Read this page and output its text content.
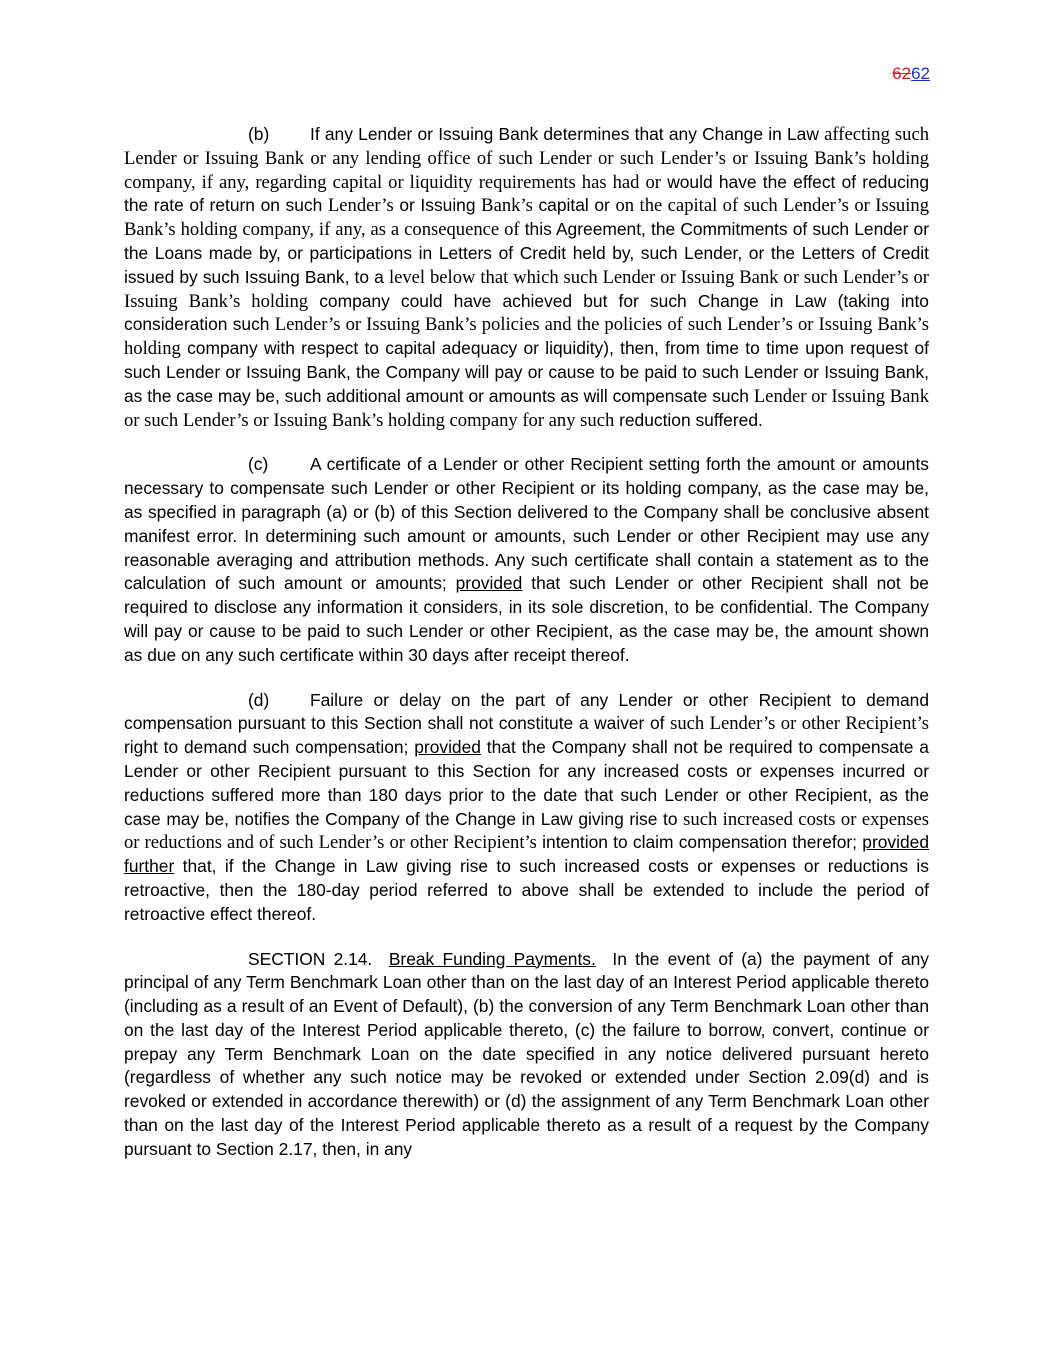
6262

(b) If any Lender or Issuing Bank determines that any Change in Law affecting such Lender or Issuing Bank or any lending office of such Lender or such Lender’s or Issuing Bank’s holding company, if any, regarding capital or liquidity requirements has had or would have the effect of reducing the rate of return on such Lender’s or Issuing Bank’s capital or on the capital of such Lender’s or Issuing Bank’s holding company, if any, as a consequence of this Agreement, the Commitments of such Lender or the Loans made by, or participations in Letters of Credit held by, such Lender, or the Letters of Credit issued by such Issuing Bank, to a level below that which such Lender or Issuing Bank or such Lender’s or Issuing Bank’s holding company could have achieved but for such Change in Law (taking into consideration such Lender’s or Issuing Bank’s policies and the policies of such Lender’s or Issuing Bank’s holding company with respect to capital adequacy or liquidity), then, from time to time upon request of such Lender or Issuing Bank, the Company will pay or cause to be paid to such Lender or Issuing Bank, as the case may be, such additional amount or amounts as will compensate such Lender or Issuing Bank or such Lender’s or Issuing Bank’s holding company for any such reduction suffered.

(c) A certificate of a Lender or other Recipient setting forth the amount or amounts necessary to compensate such Lender or other Recipient or its holding company, as the case may be, as specified in paragraph (a) or (b) of this Section delivered to the Company shall be conclusive absent manifest error. In determining such amount or amounts, such Lender or other Recipient may use any reasonable averaging and attribution methods. Any such certificate shall contain a statement as to the calculation of such amount or amounts; provided that such Lender or other Recipient shall not be required to disclose any information it considers, in its sole discretion, to be confidential. The Company will pay or cause to be paid to such Lender or other Recipient, as the case may be, the amount shown as due on any such certificate within 30 days after receipt thereof.

(d) Failure or delay on the part of any Lender or other Recipient to demand compensation pursuant to this Section shall not constitute a waiver of such Lender’s or other Recipient’s right to demand such compensation; provided that the Company shall not be required to compensate a Lender or other Recipient pursuant to this Section for any increased costs or expenses incurred or reductions suffered more than 180 days prior to the date that such Lender or other Recipient, as the case may be, notifies the Company of the Change in Law giving rise to such increased costs or expenses or reductions and of such Lender’s or other Recipient’s intention to claim compensation therefor; provided further that, if the Change in Law giving rise to such increased costs or expenses or reductions is retroactive, then the 180-day period referred to above shall be extended to include the period of retroactive effect thereof.

SECTION 2.14. Break Funding Payments. In the event of (a) the payment of any principal of any Term Benchmark Loan other than on the last day of an Interest Period applicable thereto (including as a result of an Event of Default), (b) the conversion of any Term Benchmark Loan other than on the last day of the Interest Period applicable thereto, (c) the failure to borrow, convert, continue or prepay any Term Benchmark Loan on the date specified in any notice delivered pursuant hereto (regardless of whether any such notice may be revoked or extended under Section 2.09(d) and is revoked or extended in accordance therewith) or (d) the assignment of any Term Benchmark Loan other than on the last day of the Interest Period applicable thereto as a result of a request by the Company pursuant to Section 2.17, then, in any
